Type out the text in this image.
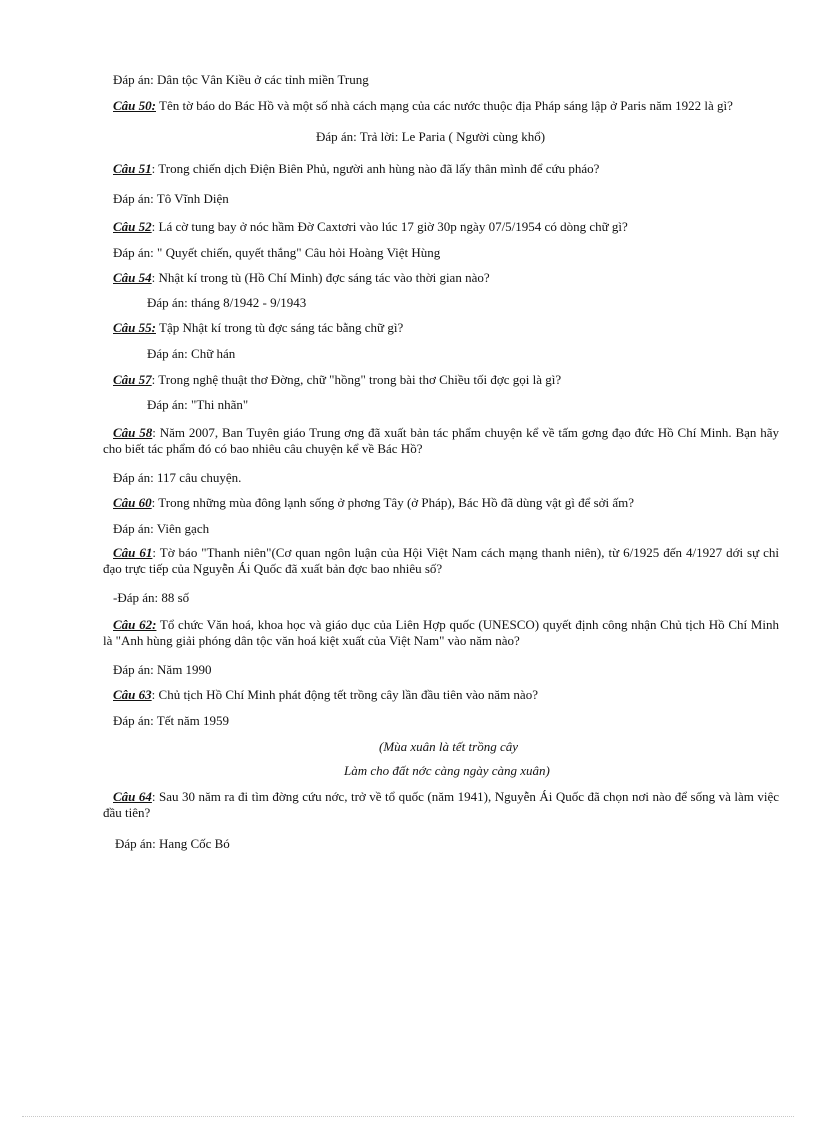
Đáp án: Dân tộc Vân Kiều ở các tỉnh miền Trung
Câu 50: Tên tờ báo do Bác Hồ và một số nhà cách mạng của các nước thuộc địa Pháp sáng lập ở Paris năm 1922 là gì?
Đáp án: Trả lời: Le Paria ( Người cùng khổ)
Câu 51: Trong chiến dịch Điện Biên Phủ, người anh hùng nào đã lấy thân mình để cứu pháo?
Đáp án: Tô Vĩnh Diện
Câu 52: Lá cờ tung bay ở nóc hầm Đờ Caxtơri vào lúc 17 giờ 30p ngày 07/5/1954 có dòng chữ gì?
Đáp án: " Quyết chiến, quyết thắng" Câu hỏi Hoàng Việt Hùng
Câu 54: Nhật kí trong tù (Hồ Chí Minh) đợc sáng tác vào thời gian nào?
Đáp án: tháng 8/1942 - 9/1943
Câu 55: Tập Nhật kí trong tù đợc sáng tác bằng chữ gì?
Đáp án: Chữ hán
Câu 57: Trong nghệ thuật thơ Đờng, chữ "hồng" trong bài thơ Chiều tối đợc gọi là gì?
Đáp án: "Thi nhãn"
Câu 58: Năm 2007, Ban Tuyên giáo Trung ơng đã xuất bản tác phẩm chuyện kể về tấm gơng đạo đức Hồ Chí Minh. Bạn hãy cho biết tác phẩm đó có bao nhiêu câu chuyện kể về Bác Hồ?
Đáp án: 117 câu chuyện.
Câu 60: Trong những mùa đông lạnh sống ở phơng Tây (ở Pháp), Bác Hồ đã dùng vật gì để sởi ấm?
Đáp án: Viên gạch
Câu 61: Tờ báo "Thanh niên"(Cơ quan ngôn luận của Hội Việt Nam cách mạng thanh niên), từ 6/1925 đến 4/1927 dới sự chỉ đạo trực tiếp của Nguyễn Ái Quốc đã xuất bản đợc bao nhiêu số?
-Đáp án: 88 số
Câu 62: Tổ chức Văn hoá, khoa học và giáo dục của Liên Hợp quốc (UNESCO) quyết định công nhận Chủ tịch Hồ Chí Minh là "Anh hùng giải phóng dân tộc văn hoá kiệt xuất của Việt Nam" vào năm nào?
Đáp án: Năm 1990
Câu 63: Chủ tịch Hồ Chí Minh phát động tết trồng cây lần đầu tiên vào năm nào?
Đáp án: Tết năm 1959
(Mùa xuân là tết trồng cây
Làm cho đất nớc càng ngày càng xuân)
Câu 64: Sau 30 năm ra đi tìm đờng cứu nớc, trở về tổ quốc (năm 1941), Nguyễn Ái Quốc đã chọn nơi nào để sống và làm việc đầu tiên?
Đáp án: Hang Cốc Bó
